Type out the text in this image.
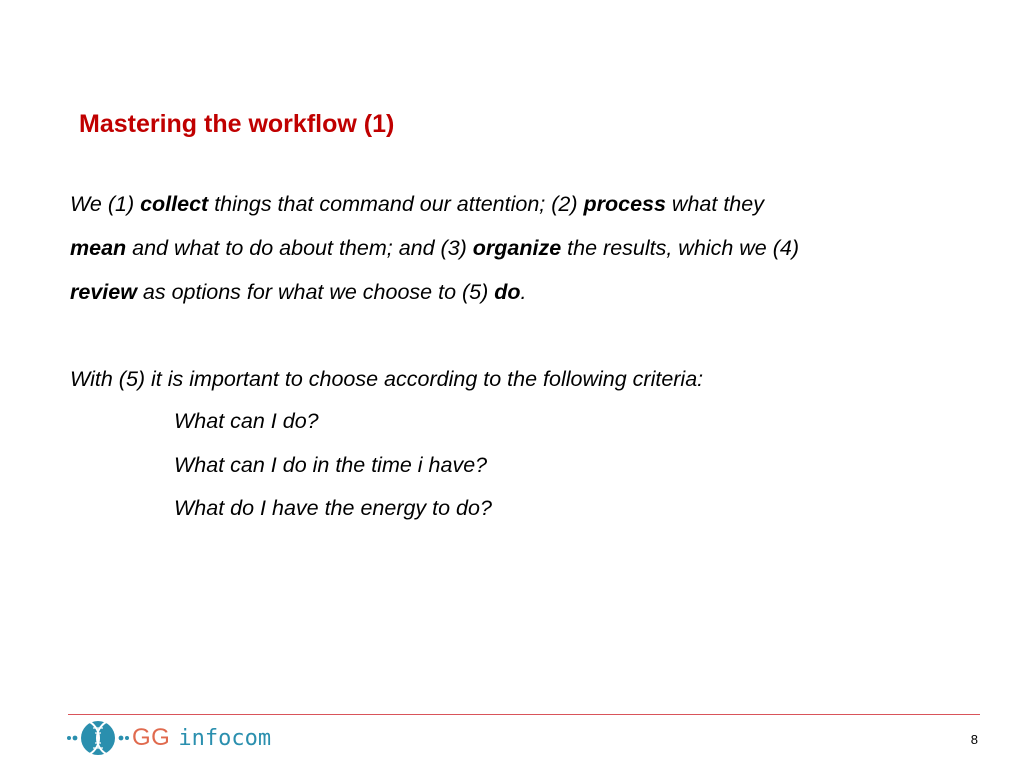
Mastering the workflow (1)
We (1) collect things that command our attention; (2) process what they
mean and what to do about them; and (3) organize the results, which we (4)
review as options for what we choose to (5) do.
With (5) it is important to choose according to the following criteria:
What can I do?
What can I do in the time i have?
What do I have the energy to do?
GG infocom	8
